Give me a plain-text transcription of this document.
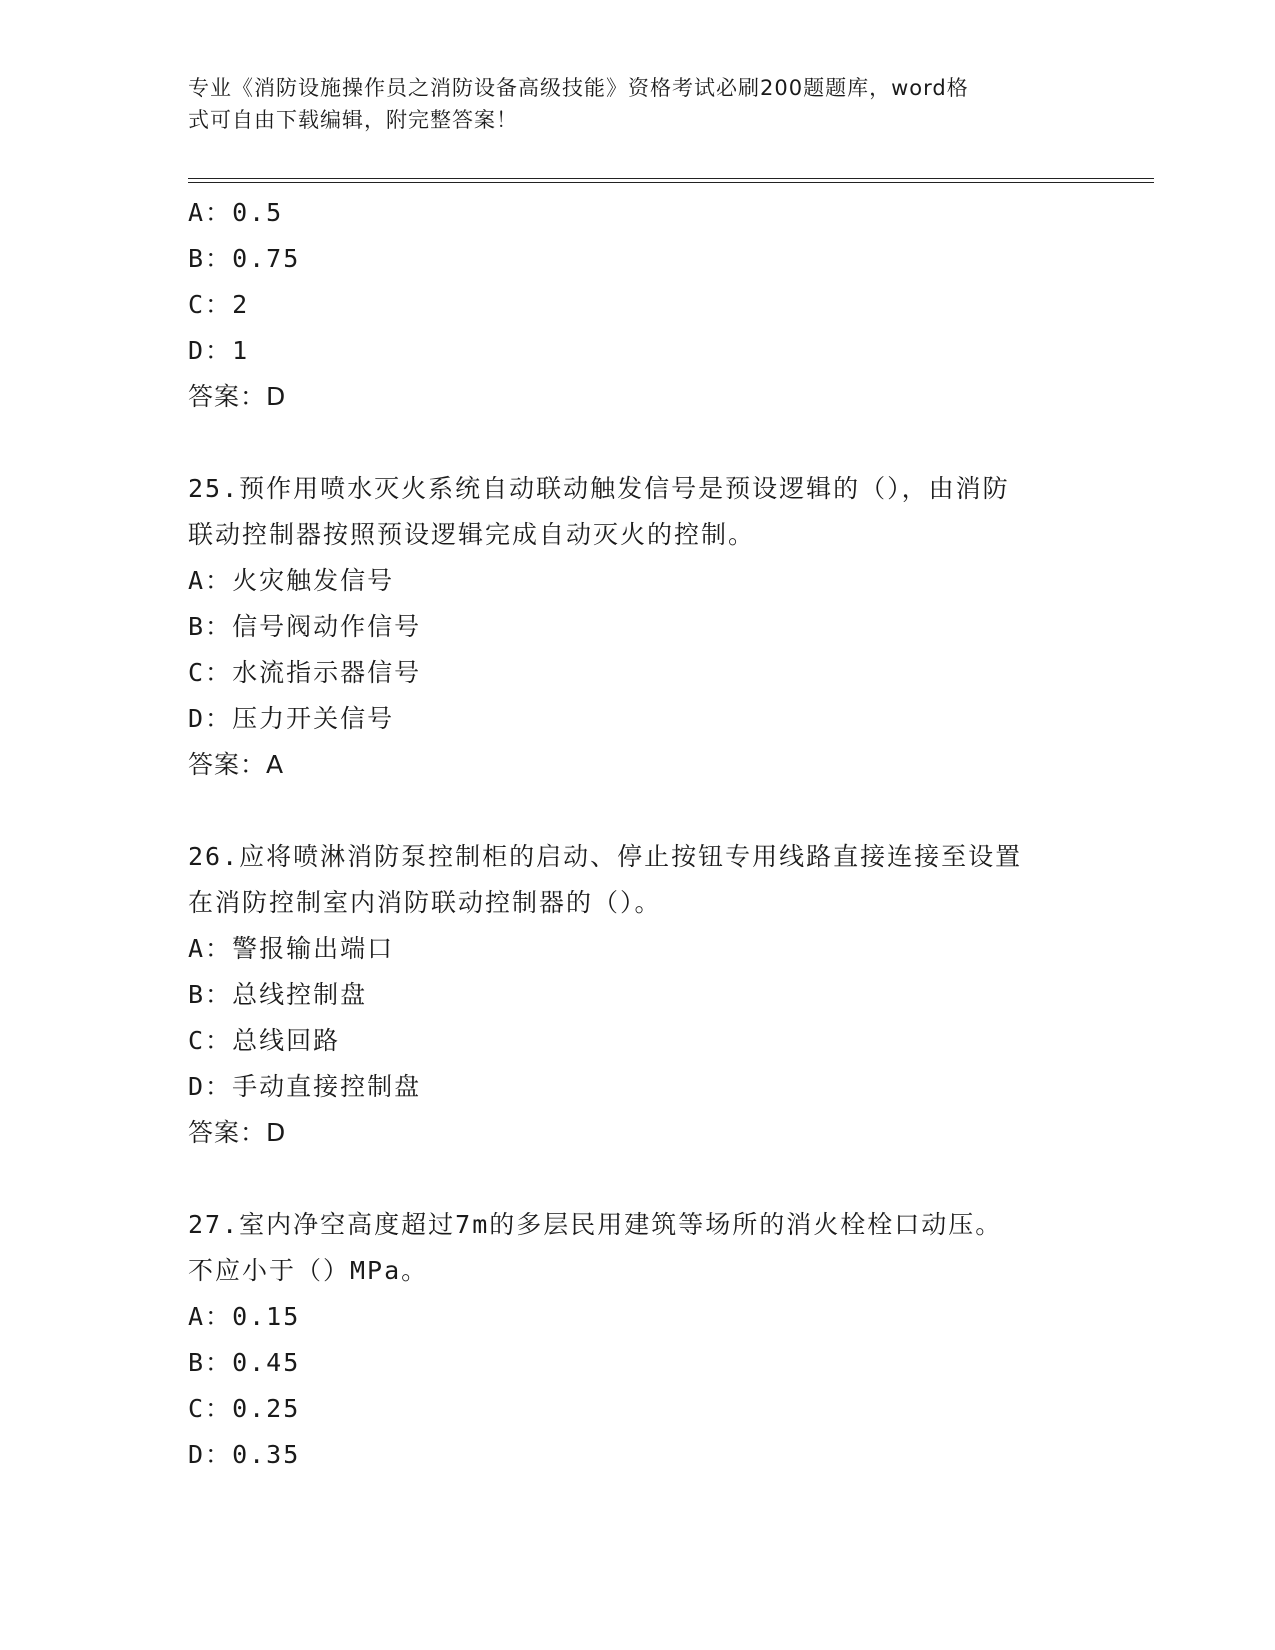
专业《消防设施操作员之消防设备高级技能》资格考试必刷200题题库，word格
式可自由下载编辑，附完整答案！
A：0.5
B：0.75
C：2
D：1
答案：D
25.预作用喷水灭火系统自动联动触发信号是预设逻辑的（），由消防
联动控制器按照预设逻辑完成自动灭火的控制。
A：火灾触发信号
B：信号阀动作信号
C：水流指示器信号
D：压力开关信号
答案：A
26.应将喷淋消防泵控制柜的启动、停止按钮专用线路直接连接至设置
在消防控制室内消防联动控制器的（）。
A：警报输出端口
B：总线控制盘
C：总线回路
D：手动直接控制盘
答案：D
27.室内净空高度超过7m的多层民用建筑等场所的消火栓栓口动压。
不应小于（）MPa。
A：0.15
B：0.45
C：0.25
D：0.35
